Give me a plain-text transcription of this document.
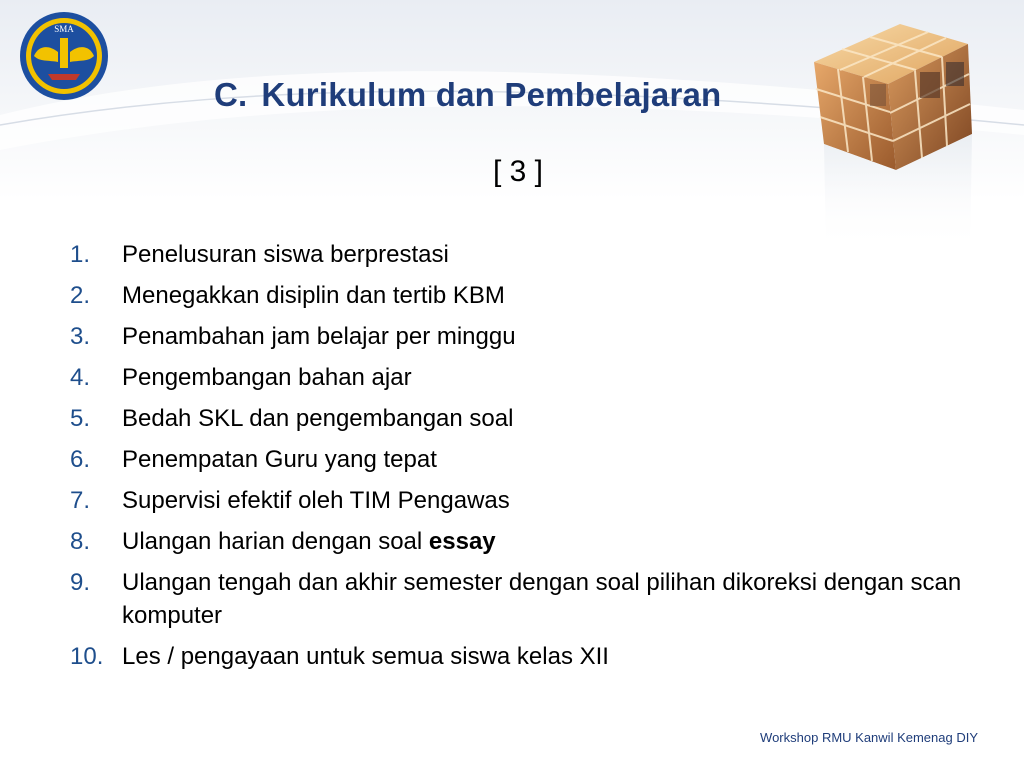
SMA
C. Kurikulum dan Pembelajaran
[ 3 ]
1.	Penelusuran siswa berprestasi
2.	Menegakkan disiplin dan tertib KBM
3.	Penambahan jam belajar per minggu
4.	Pengembangan bahan ajar
5.	Bedah SKL dan pengembangan soal
6.	Penempatan Guru yang tepat
7.	Supervisi efektif oleh TIM Pengawas
8.	Ulangan harian dengan soal essay
9.	Ulangan tengah dan akhir semester dengan soal pilihan dikoreksi dengan scan komputer
10. Les / pengayaan untuk semua siswa kelas XII
Workshop RMU Kanwil Kemenag DIY
